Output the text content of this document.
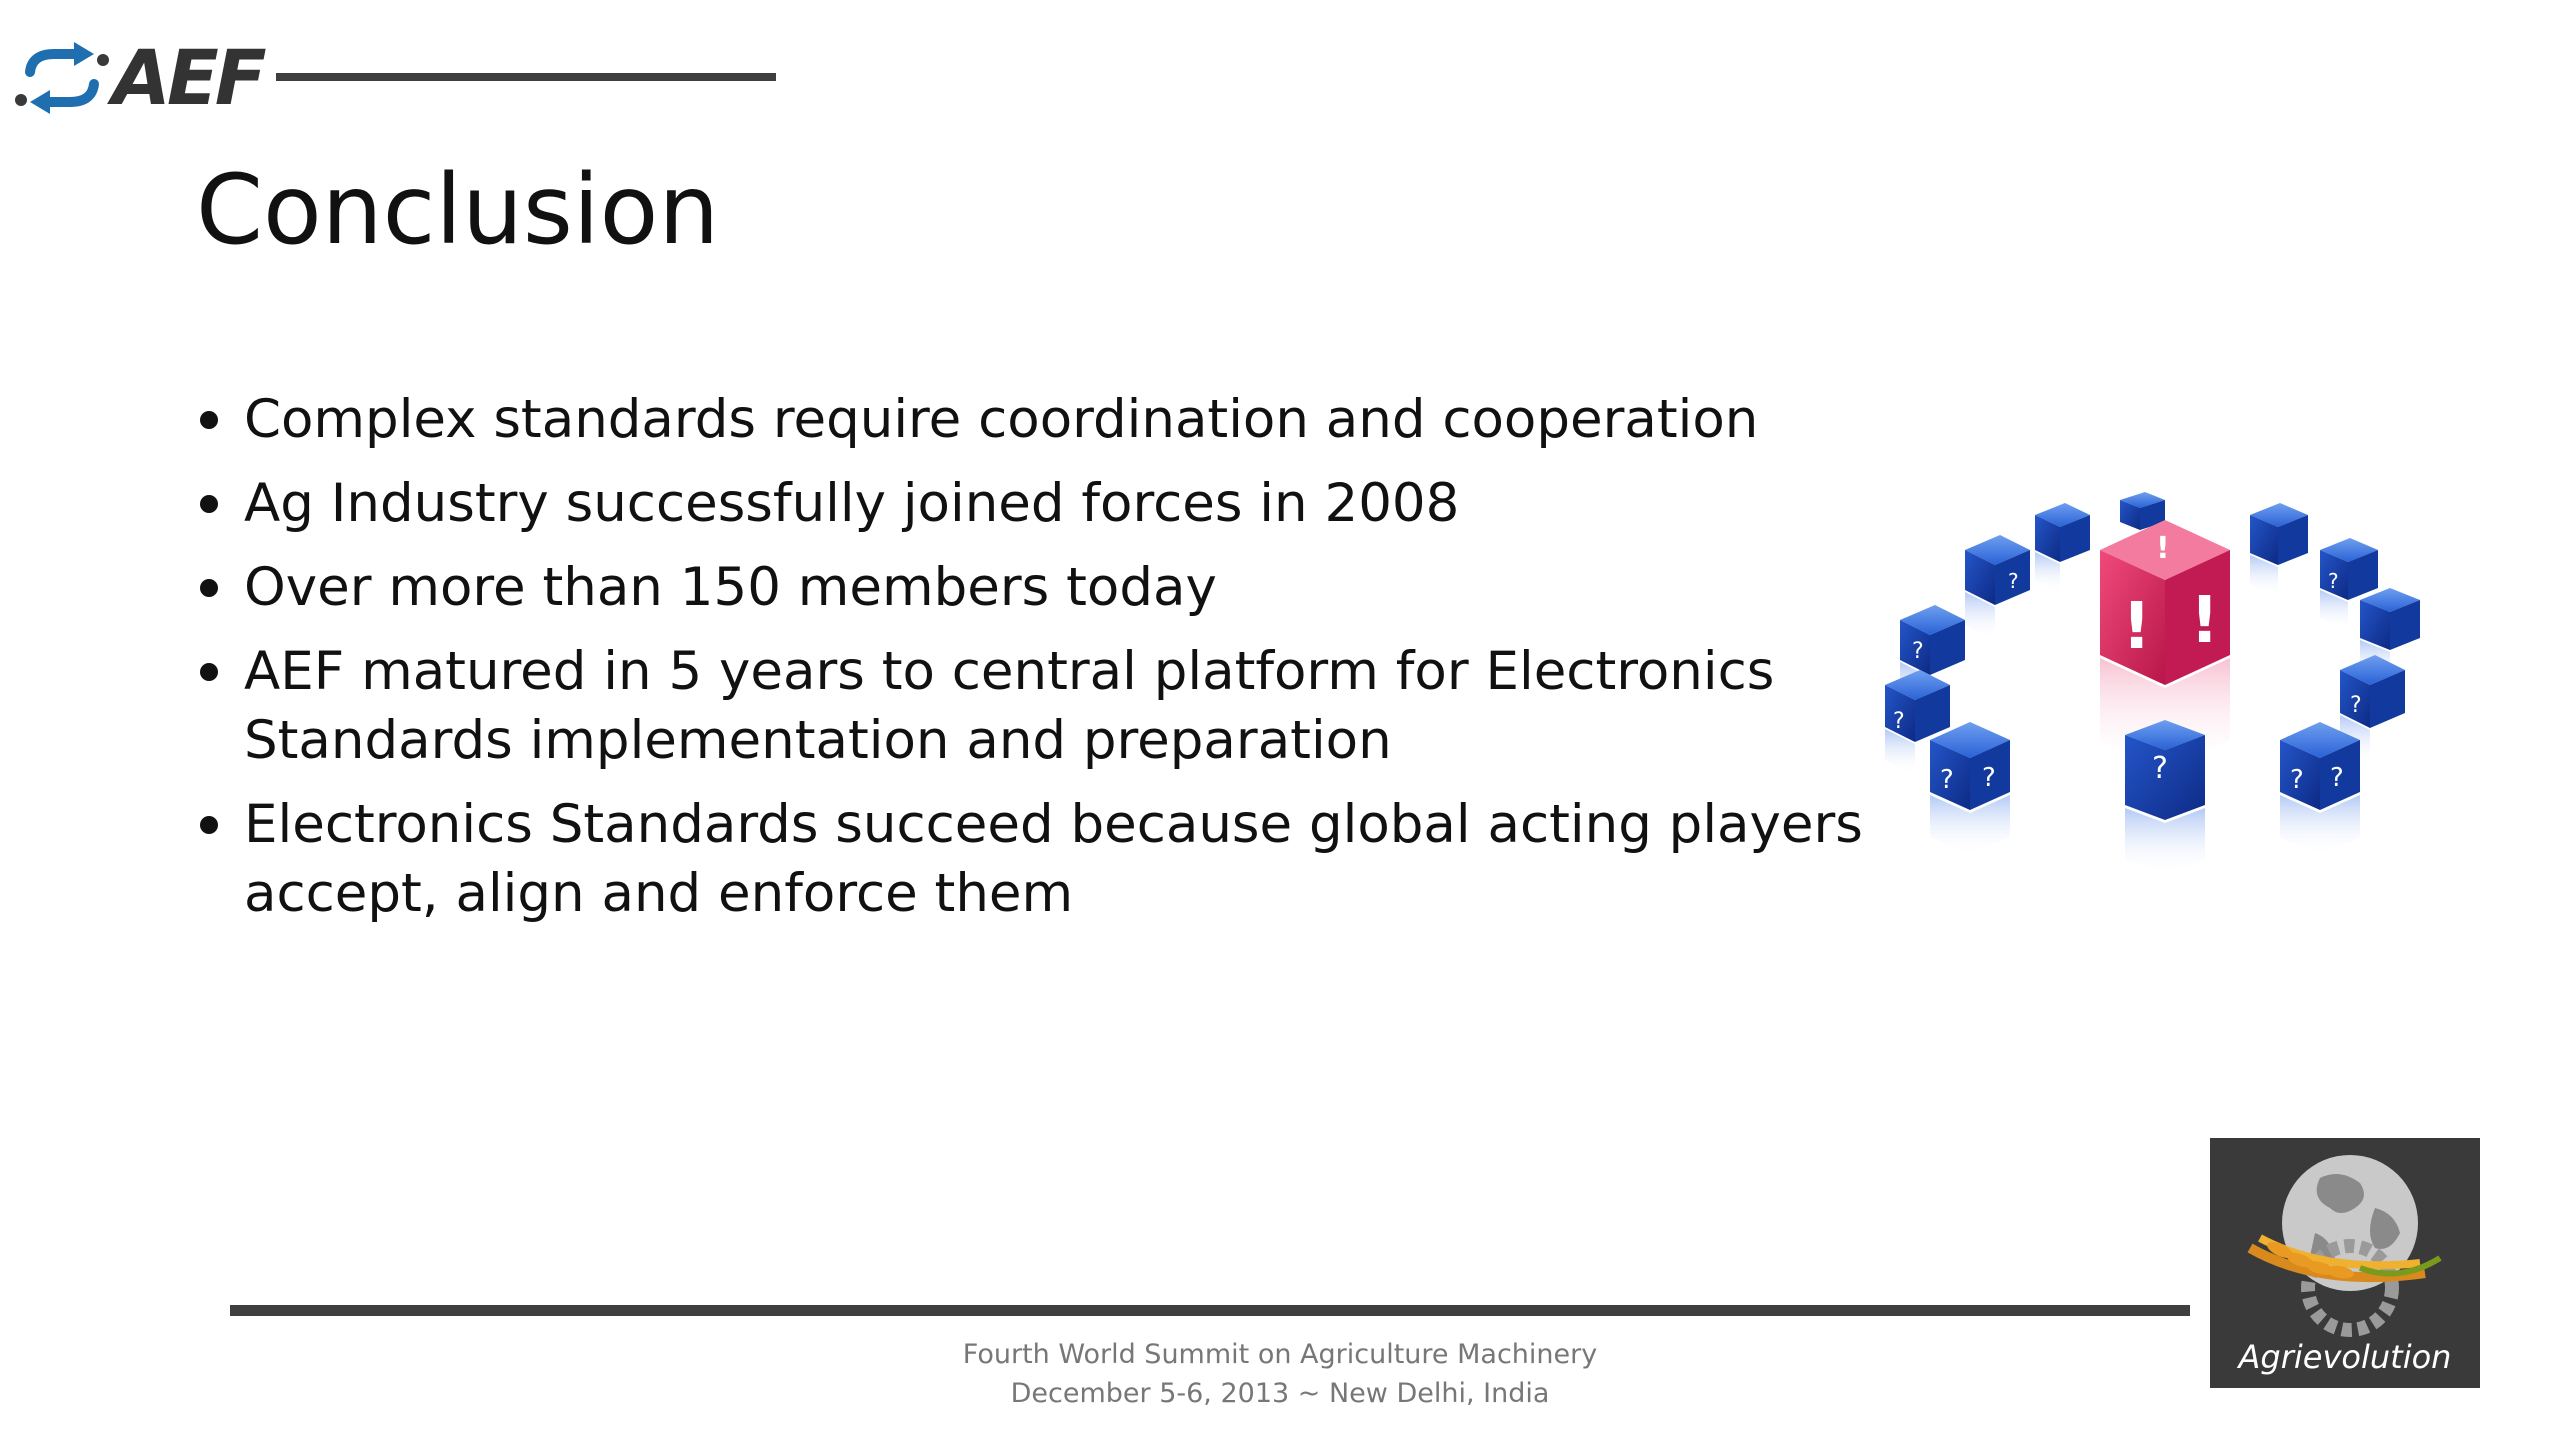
AEF
Conclusion
Complex standards require coordination and cooperation
Ag Industry successfully joined forces in 2008
Over more than 150 members today
AEF matured in 5 years to central platform for Electronics
Standards implementation and preparation
Electronics Standards succeed because global acting players
accept, align and enforce them
?
?
! !
!
?
?
?
? ?	?	? ?
Fourth World Summit on Agriculture Machinery
December 5-6, 2013 ~ New Delhi, India
Agrievolution
